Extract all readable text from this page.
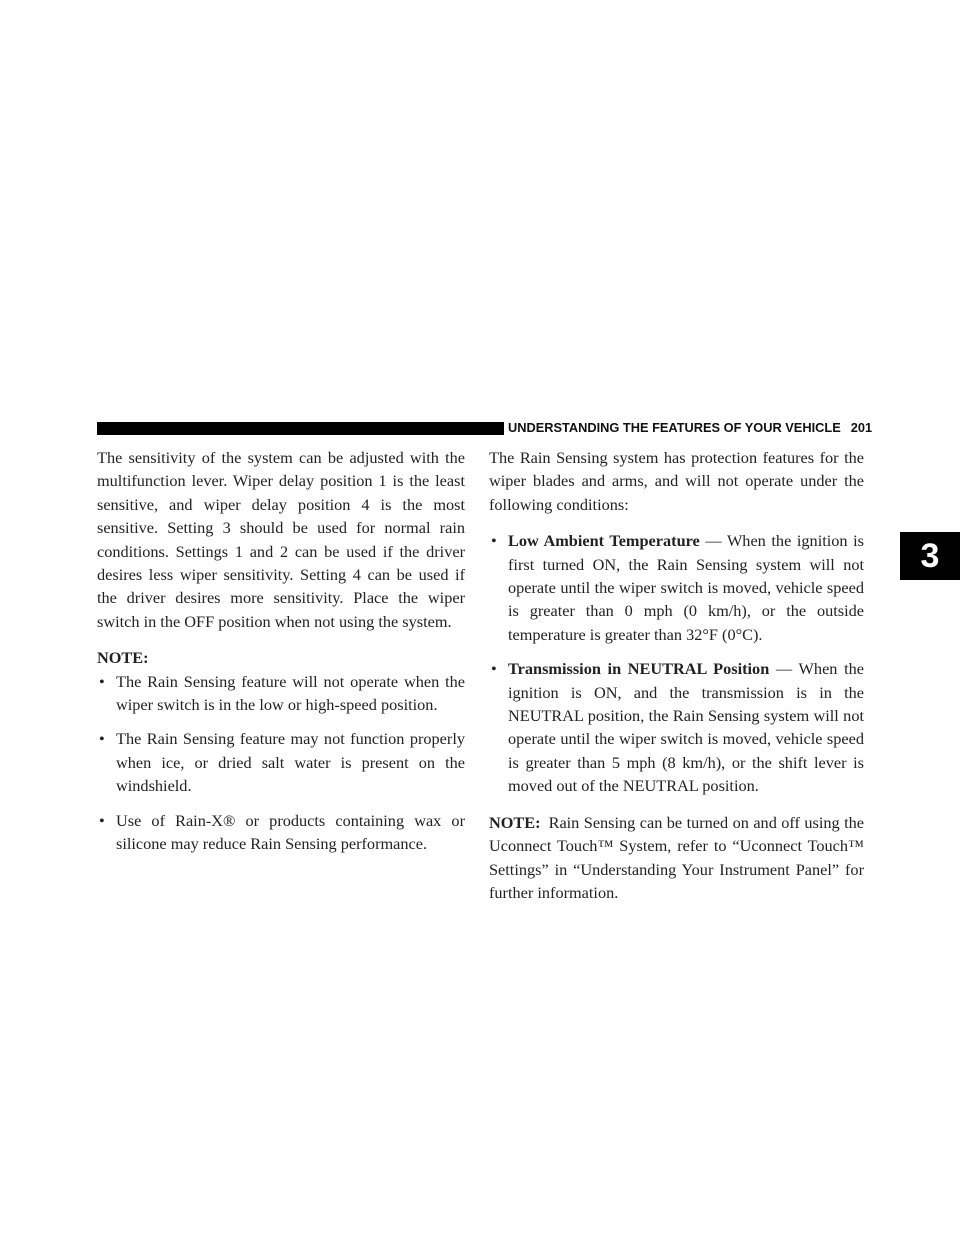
UNDERSTANDING THE FEATURES OF YOUR VEHICLE 201
3

The sensitivity of the system can be adjusted with the multifunction lever. Wiper delay position 1 is the least sensitive, and wiper delay position 4 is the most sensitive. Setting 3 should be used for normal rain conditions. Settings 1 and 2 can be used if the driver desires less wiper sensitivity. Setting 4 can be used if the driver desires more sensitivity. Place the wiper switch in the OFF position when not using the system.

NOTE:
• The Rain Sensing feature will not operate when the wiper switch is in the low or high-speed position.
• The Rain Sensing feature may not function properly when ice, or dried salt water is present on the windshield.
• Use of Rain-X® or products containing wax or silicone may reduce Rain Sensing performance.

The Rain Sensing system has protection features for the wiper blades and arms, and will not operate under the following conditions:

• Low Ambient Temperature — When the ignition is first turned ON, the Rain Sensing system will not operate until the wiper switch is moved, vehicle speed is greater than 0 mph (0 km/h), or the outside temperature is greater than 32°F (0°C).
• Transmission in NEUTRAL Position — When the ignition is ON, and the transmission is in the NEUTRAL position, the Rain Sensing system will not operate until the wiper switch is moved, vehicle speed is greater than 5 mph (8 km/h), or the shift lever is moved out of the NEUTRAL position.

NOTE: Rain Sensing can be turned on and off using the Uconnect Touch™ System, refer to “Uconnect Touch™ Settings” in “Understanding Your Instrument Panel” for further information.
